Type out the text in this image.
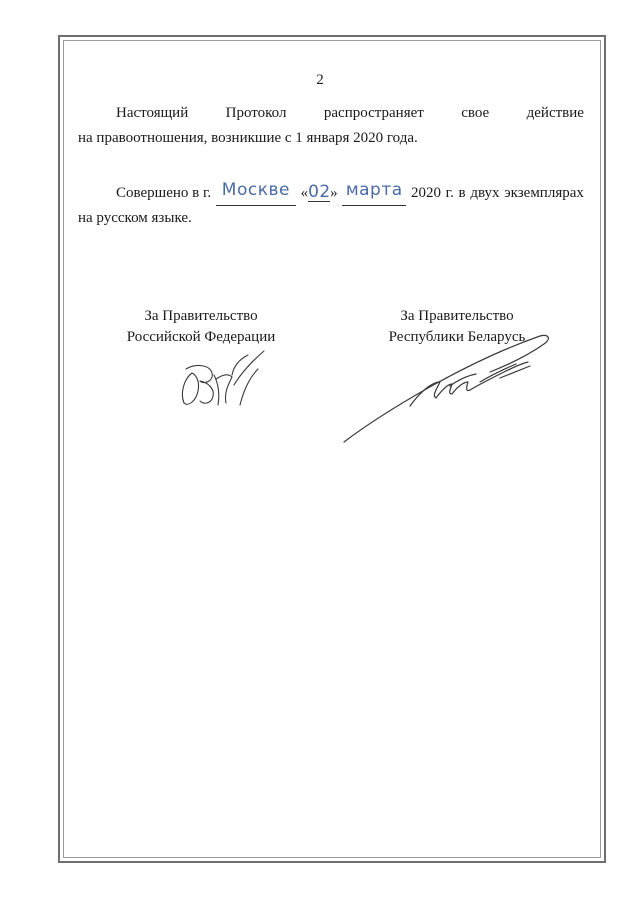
2
Настоящий Протокол распространяет свое действие
на правоотношения, возникшие с 1 января 2020 года.
Совершено в г. Москве «02» марта 2020 г. в двух экземплярах
на русском языке.
За Правительство
Российской Федерации
За Правительство
Республики Беларусь
